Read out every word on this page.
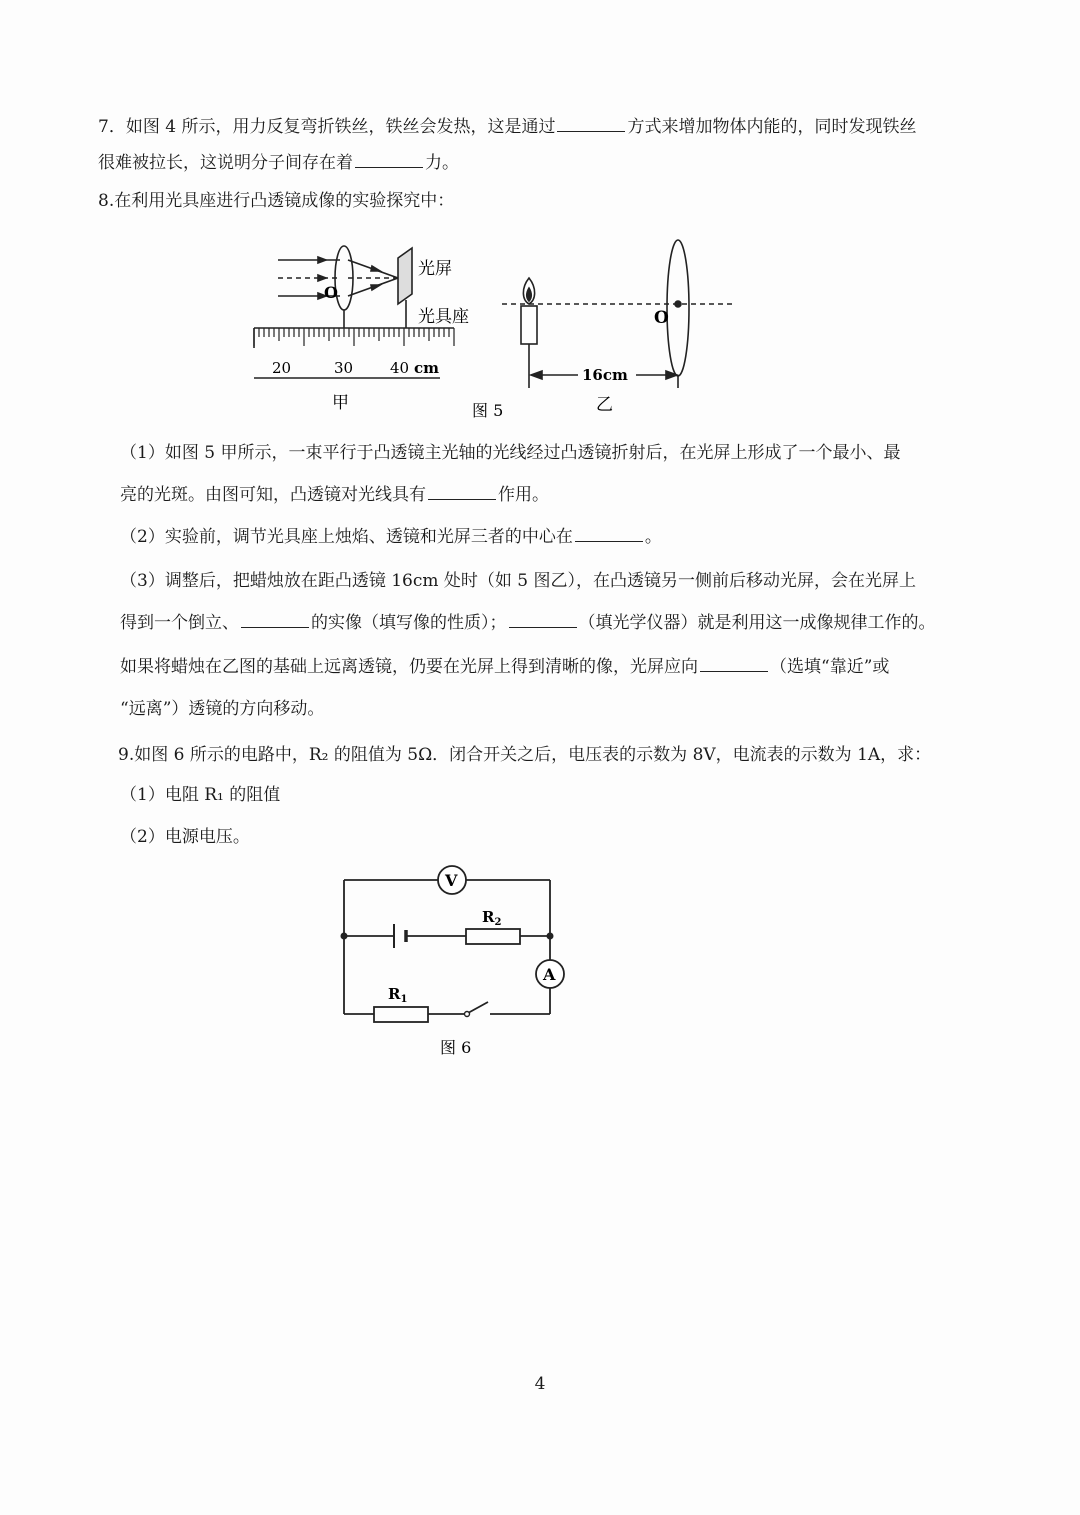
7．如图 4 所示，用力反复弯折铁丝，铁丝会发热，这是通过	方式来增加物体内能的，同时发现铁丝
很难被拉长，这说明分子间存在着	力。
8.在利用光具座进行凸透镜成像的实验探究中：
光屏
光具座
O
20	30 40 cm
甲	图 5
O
16cm
乙
（1）如图 5 甲所示，一束平行于凸透镜主光轴的光线经过凸透镜折射后，在光屏上形成了一个最小、最
亮的光斑。由图可知，凸透镜对光线具有	作用。
（2）实验前，调节光具座上烛焰、透镜和光屏三者的中心在	。
（3）调整后，把蜡烛放在距凸透镜 16cm 处时（如 5 图乙），在凸透镜另一侧前后移动光屏，会在光屏上
得到一个倒立、	的实像（填写像的性质）；	（填光学仪器）就是利用这一成像规律工作的。
如果将蜡烛在乙图的基础上远离透镜，仍要在光屏上得到清晰的像，光屏应向	（选填“靠近”或
“远离”）透镜的方向移动。
9.如图 6 所示的电路中，R₂ 的阻值为 5Ω．闭合开关之后，电压表的示数为 8V，电流表的示数为 1A，求：
（1）电阻 R₁ 的阻值
（2）电源电压。
V
A
$R_2$
$R_1$
图 6
4
